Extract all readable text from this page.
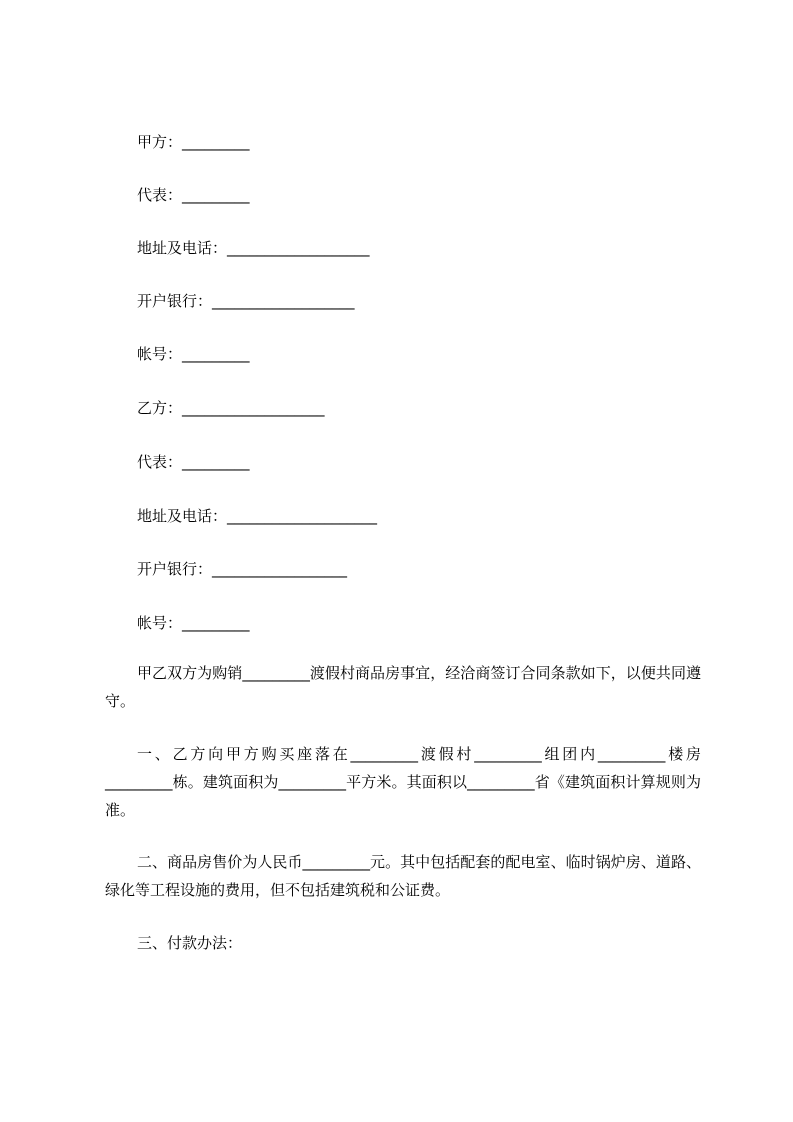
甲方：_________
代表：_________
地址及电话：___________________
开户银行：___________________
帐号：_________
乙方：___________________
代表：_________
地址及电话：____________________
开户银行：__________________
帐号：_________
甲乙双方为购销_________渡假村商品房事宜，经洽商签订合同条款如下，以便共同遵守。
一、乙方向甲方购买座落在_________渡假村_________组团内_________楼房_________栋。建筑面积为_________平方米。其面积以_________省《建筑面积计算规则为准。
二、商品房售价为人民币_________元。其中包括配套的配电室、临时锅炉房、道路、绿化等工程设施的费用，但不包括建筑税和公证费。
三、付款办法：
